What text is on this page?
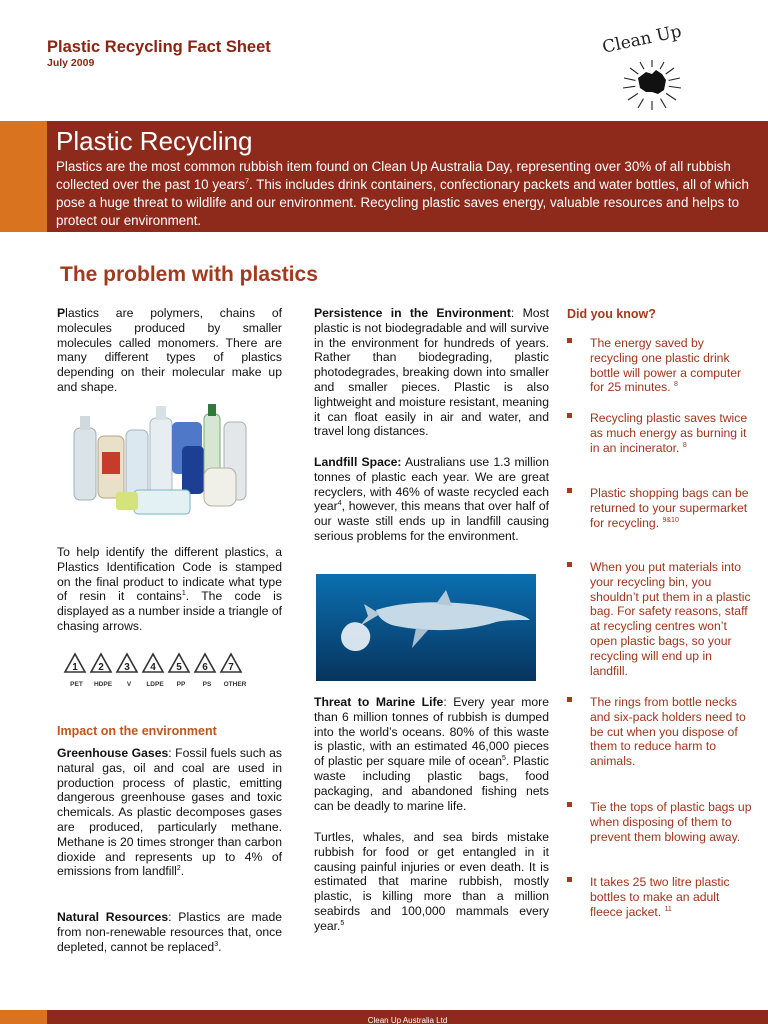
Plastic Recycling Fact Sheet
July 2009
Clean Up
Plastic Recycling

Plastics are the most common rubbish item found on Clean Up Australia Day, representing over 30% of all rubbish collected over the past 10 years$^7$. This includes drink containers, confectionary packets and water bottles, all of which pose a huge threat to wildlife and our environment. Recycling plastic saves energy, valuable resources and helps to protect our environment.

The problem with plastics

Plastics are polymers, chains of molecules produced by smaller molecules called monomers. There are many different types of plastics depending on their molecular make up and shape.

To help identify the different plastics, a Plastics Identification Code is stamped on the final product to indicate what type of resin it contains$^1$. The code is displayed as a number inside a triangle of chasing arrows.

1 2 3 4 5 6 7
PET	HDPE	V	LDPE	PP	PS	OTHER
Impact on the environment

Greenhouse Gases: Fossil fuels such as natural gas, oil and coal are used in production process of plastic, emitting dangerous greenhouse gases and toxic chemicals. As plastic decomposes gases are produced, particularly methane. Methane is 20 times stronger than carbon dioxide and represents up to 4% of emissions from landfill$^2$.

Natural Resources: Plastics are made from non-renewable resources that, once depleted, cannot be replaced$^3$.

Persistence in the Environment: Most plastic is not biodegradable and will survive in the environment for hundreds of years. Rather than biodegrading, plastic photodegrades, breaking down into smaller and smaller pieces. Plastic is also lightweight and moisture resistant, meaning it can float easily in air and water, and travel long distances.

Landfill Space: Australians use 1.3 million tonnes of plastic each year. We are great recyclers, with 46% of waste recycled each year$^4$, however, this means that over half of our waste still ends up in landfill causing serious problems for the environment.

Threat to Marine Life: Every year more than 6 million tonnes of rubbish is dumped into the world’s oceans. 80% of this waste is plastic, with an estimated 46,000 pieces of plastic per square mile of ocean$^5$. Plastic waste including plastic bags, food packaging, and abandoned fishing nets can be deadly to marine life.

Turtles, whales, and sea birds mistake rubbish for food or get entangled in it causing painful injuries or even death. It is estimated that marine rubbish, mostly plastic, is killing more than a million seabirds and 100,000 mammals every year.$^5$

Did you know?
The energy saved by recycling one plastic drink bottle will power a computer for 25 minutes. $^8$
Recycling plastic saves twice as much energy as burning it in an incinerator. $^8$
Plastic shopping bags can be returned to your supermarket for recycling. $^{9\&10}$
When you put materials into your recycling bin, you shouldn’t put them in a plastic bag. For safety reasons, staff at recycling centres won’t open plastic bags, so your recycling will end up in landfill.
The rings from bottle necks and six-pack holders need to be cut when you dispose of them to reduce harm to animals.
Tie the tops of plastic bags up when disposing of them to prevent them blowing away.
It takes 25 two litre plastic bottles to make an adult fleece jacket. $^{11}$
Clean Up Australia Ltd
